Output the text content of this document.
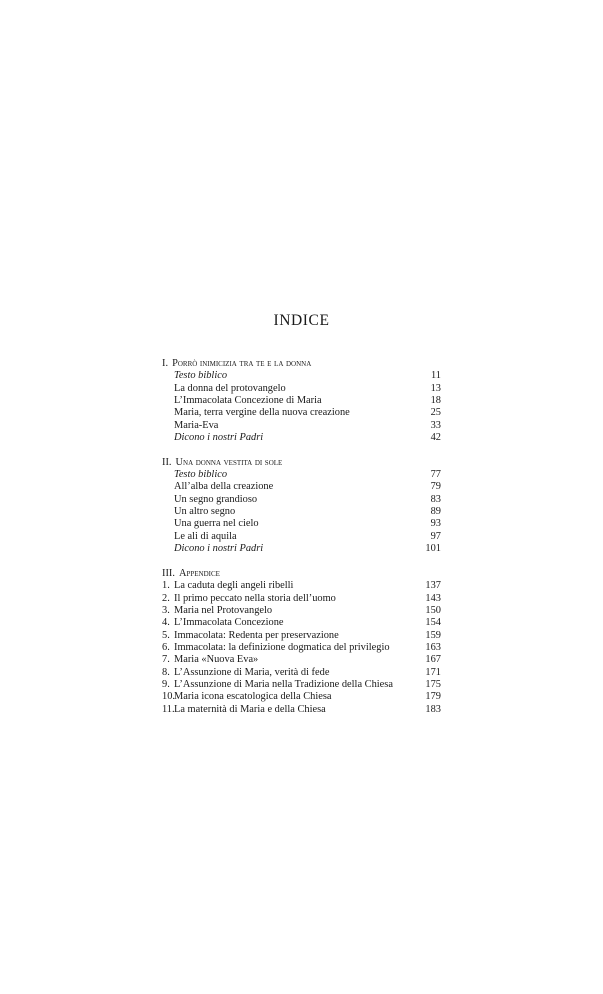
INDICE
I. Porrò inimicizia tra te e la donna
Testo biblico	11
La donna del protovangelo	13
L’Immacolata Concezione di Maria	18
Maria, terra vergine della nuova creazione	25
Maria-Eva	33
Dicono i nostri Padri	42
II. Una donna vestita di sole
Testo biblico	77
All’alba della creazione	79
Un segno grandioso	83
Un altro segno	89
Una guerra nel cielo	93
Le ali di aquila	97
Dicono i nostri Padri	101
III. Appendice
1. La caduta degli angeli ribelli	137
2. Il primo peccato nella storia dell’uomo	143
3. Maria nel Protovangelo	150
4. L’Immacolata Concezione	154
5. Immacolata: Redenta per preservazione	159
6. Immacolata: la definizione dogmatica del privilegio	163
7. Maria «Nuova Eva»	167
8. L’Assunzione di Maria, verità di fede	171
9. L’Assunzione di Maria nella Tradizione della Chiesa	175
10. Maria icona escatologica della Chiesa	179
11. La maternità di Maria e della Chiesa	183
